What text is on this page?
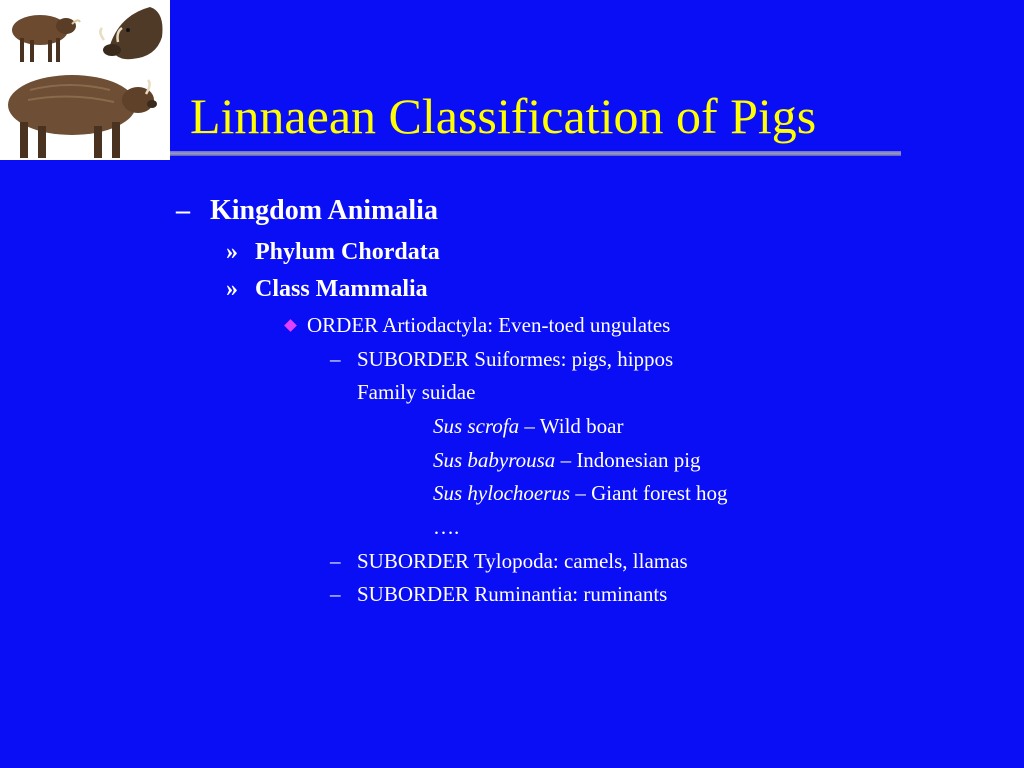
Linnaean Classification of Pigs
– Kingdom Animalia
» Phylum Chordata
» Class Mammalia
ORDER Artiodactyla: Even-toed ungulates
– SUBORDER Suiformes: pigs, hippos
Family suidae
Sus scrofa – Wild boar
Sus babyrousa – Indonesian pig
Sus hylochoerus – Giant forest hog
….
– SUBORDER Tylopoda: camels, llamas
– SUBORDER Ruminantia: ruminants
